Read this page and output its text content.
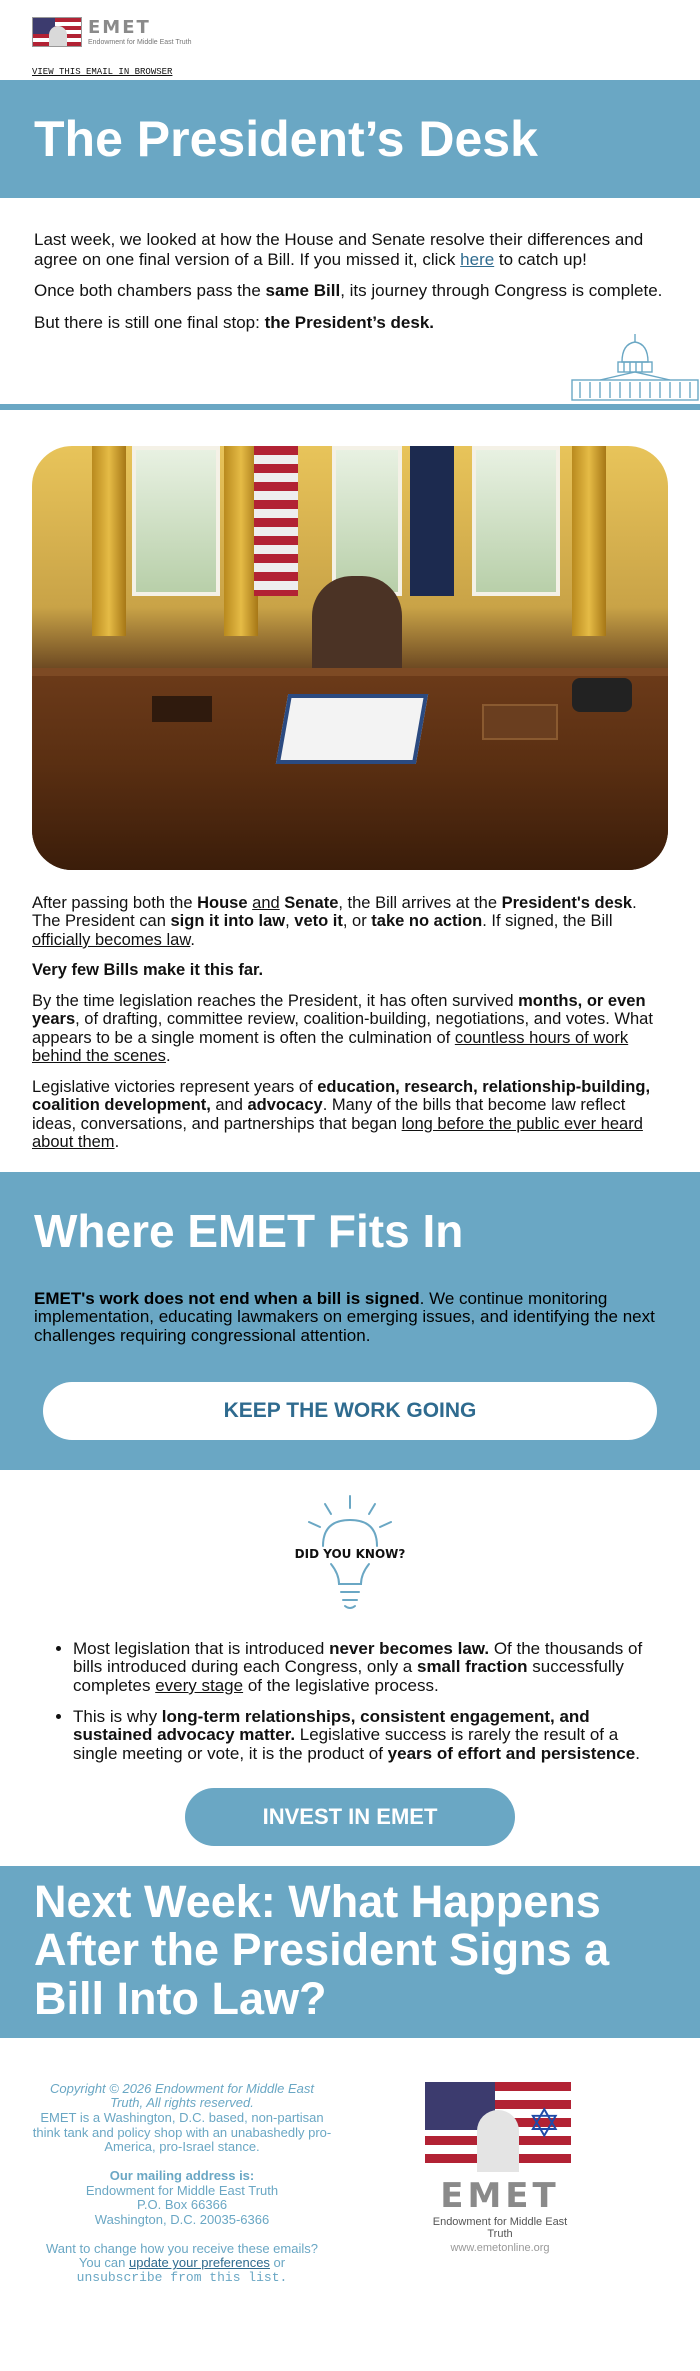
EMET
Endowment for Middle East Truth
VIEW THIS EMAIL IN BROWSER
The President’s Desk

Last week, we looked at how the House and Senate resolve their differences and agree on one final version of a Bill. If you missed it, click here to catch up!

Once both chambers pass the same Bill, its journey through Congress is complete.

But there is still one final stop: the President’s desk.

After passing both the House and Senate, the Bill arrives at the President's desk. The President can sign it into law, veto it, or take no action. If signed, the Bill officially becomes law.

Very few Bills make it this far.

By the time legislation reaches the President, it has often survived months, or even years, of drafting, committee review, coalition-building, negotiations, and votes. What appears to be a single moment is often the culmination of countless hours of work behind the scenes.

Legislative victories represent years of education, research, relationship-building, coalition development, and advocacy. Many of the bills that become law reflect ideas, conversations, and partnerships that began long before the public ever heard about them.

Where EMET Fits In

EMET's work does not end when a bill is signed. We continue monitoring implementation, educating lawmakers on emerging issues, and identifying the next challenges requiring congressional attention.

KEEP THE WORK GOING
DID YOU KNOW?
• Most legislation that is introduced never becomes law. Of the thousands of bills introduced during each Congress, only a small fraction successfully completes every stage of the legislative process.
• This is why long-term relationships, consistent engagement, and sustained advocacy matter. Legislative success is rarely the result of a single meeting or vote, it is the product of years of effort and persistence.
INVEST IN EMET
Next Week: What Happens After the President Signs a Bill Into Law?
Copyright © 2026 Endowment for Middle East Truth, All rights reserved.
EMET is a Washington, D.C. based, non-partisan think tank and policy shop with an unabashedly pro-America, pro-Israel stance.
Our mailing address is:
Endowment for Middle East Truth
P.O. Box 66366
Washington, D.C. 20035-6366
Want to change how you receive these emails?
You can update your preferences or
unsubscribe from this list.
✡
EMET
Endowment for Middle East Truth
www.emetonline.org
